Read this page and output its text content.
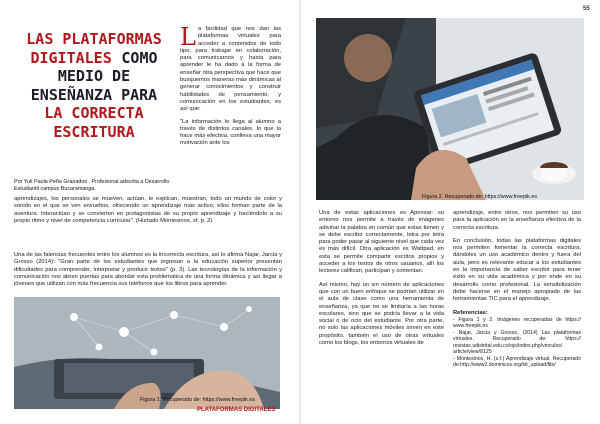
LAS PLATAFORMAS
DIGITALES COMO
MEDIO DE
ENSEÑANZA PARA
LA CORRECTA
ESCRITURA
Por Yuli Paola Peña Granados . Profesional adscrita a Desarrollo Estudiantil campus Bucaramanga.
L a facilidad que nos dan las plataformas virtuales para acceder a contenidos de todo tipo, para trabajar en colaboración, para comunicarnos y hasta para aprender le ha dado a la forma de enseñar otra perspectiva que hace que busquemos maneras más dinámicas al generar conocimientos y construir habilidades de pensamiento, y comunicación en los estudiantes, es así que:

"La información le llega al alumno a través de distintos canales, lo que la hace más efectiva, conlleva una mayor motivación ante los

aprendizajes, los personales se mueven, actúan, le explican, muestran, todo un mundo de color y sonido en el que se ven envueltos, ofreciendo un aprendizaje más activo, ellos forman parte de la aventura. Interactúan y se convierten en protagonistas de su propio aprendizaje y haciéndolo a su propio ritmo y nivel de competencia curricular". (Hurtado Montesinos, sf, p. 2)

Una de las falencias frecuentes entre los alumnos es la incorrecta escritura, así lo afirma Najar, Jarcia y Grosso (2014): "Gran parte de los estudiantes que ingresan a la educación superior presentan dificultades para comprender, interpretar y producir textos" (p. 3). Las tecnologías de la información y comunicación nos abren puertas para abordar esta problemática de una forma dinámica y así llegar a jóvenes que utilizan con más frecuencia sus teléfonos que los libros para aprender.

Figura 1. Recuperado de: https://www.freepik.es
PLATAFORMAS DIGITALES
55
Figura 2. Recuperado de: https://www.freepik.es

Una de estas aplicaciones es Apensar: su entorno nos permite a través de imágenes adivinar la palabra en común que estas tienen y se debe escribir correctamente, letra por letra para poder pasar al siguiente nivel que cada vez es más difícil. Otra aplicación es Wattpad, en esta se permite compartir escritos propios y acceder a los textos de otros usuarios, allí los lectores califican, participan y comentan.

Así mismo, hay un sin número de aplicaciones que con un buen enfoque se podrían utilizar en el aula de clase como una herramienta de enseñanza, ya que no se limitaría a las horas escolares, sino que se podría llevar a la vida social o de ocio del estudiante. Por otra parte, no solo las aplicaciones móviles sirven en este propósito, también el uso de otras virtuales como los blogs, los entornos virtuales de

aprendizaje, entre otros, nos permiten su uso para la aplicación en la enseñanza efectiva de la correcta escritura.

En conclusión, todas las plataformas digitales nos permiten fomentar la correcta escritura, dándoles un uso académico dentro y fuera del aula, pero es relevante educar a los estudiantes en la importancia de saber escribir para tener éxito en su vida académica y por ende en su desarrollo como profesional. La sensibilización debe hacerse en el manejo apropiado de las herramientas TIC para el aprendizaje.

Referencias:
- Figura 1 y 2. Imágenes recuperadas de https:// www.freepik.es
- Najar, Jarcia y Grosso, (2014) Las plataformas virtuales. Recuperado de: https:// revistas.udistrital.edu.co/ojs/index.php/vinculos/ article/view/8125
- Montesinos, H. (s.f.) Aprendizaje virtual. Recuperado de:http://www2.dominicos.org/kit_upload/file/
